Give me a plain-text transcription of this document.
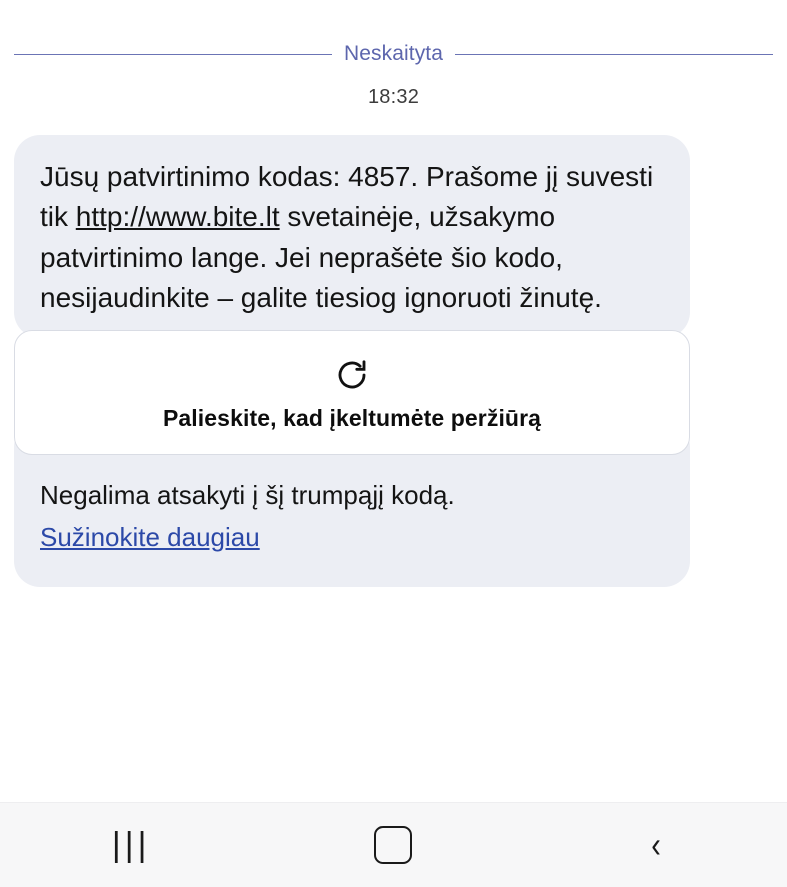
Neskaityta
18:32
Jūsų patvirtinimo kodas: 4857. Prašome jį suvesti tik http://www.bite.lt svetainėje, užsakymo patvirtinimo lange. Jei neprašėte šio kodo, nesijaudinkite – galite tiesiog ignoruoti žinutę.
Palieskite, kad įkeltumėte peržiūrą
Negalima atsakyti į šį trumpąjį kodą.
Sužinokite daugiau
|||	‹
